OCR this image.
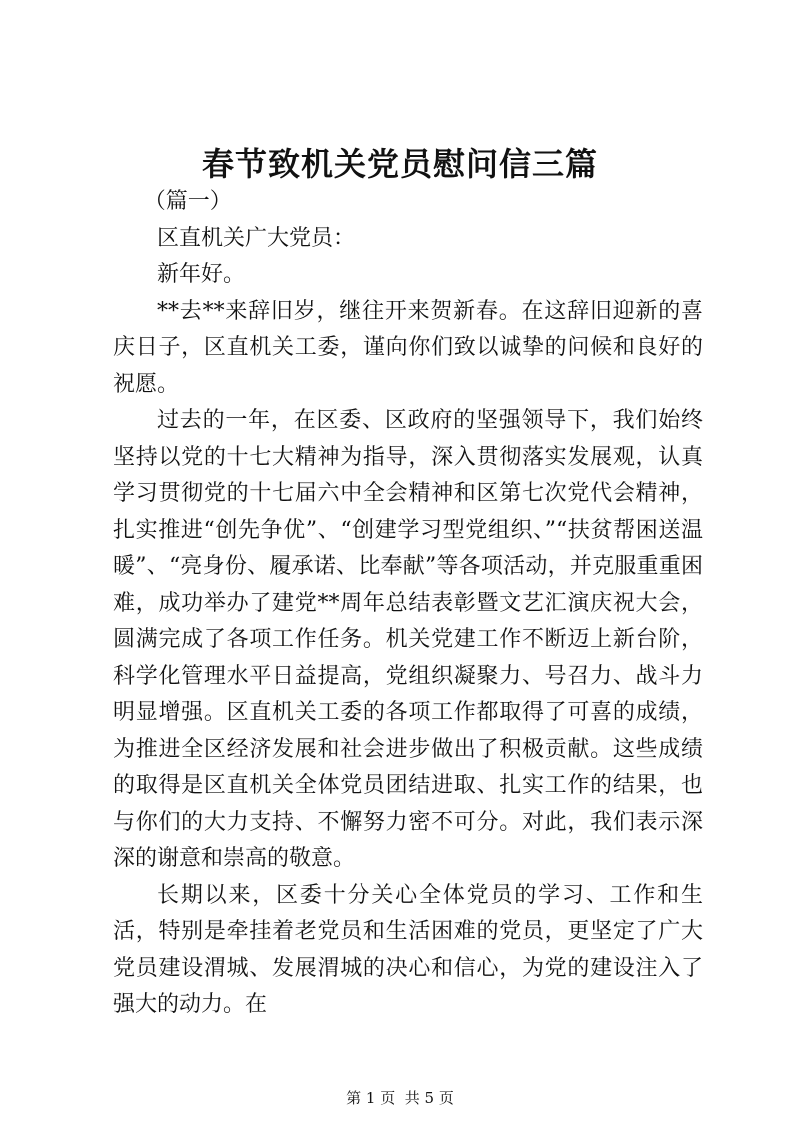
春节致机关党员慰问信三篇

（篇一）

区直机关广大党员：

新年好。

**去**来辞旧岁，继往开来贺新春。在这辞旧迎新的喜庆日子，区直机关工委，谨向你们致以诚挚的问候和良好的祝愿。

过去的一年，在区委、区政府的坚强领导下，我们始终坚持以党的十七大精神为指导，深入贯彻落实发展观，认真学习贯彻党的十七届六中全会精神和区第七次党代会精神，扎实推进“创先争优”、“创建学习型党组织、”“扶贫帮困送温暖”、“亮身份、履承诺、比奉献”等各项活动，并克服重重困难，成功举办了建党**周年总结表彰暨文艺汇演庆祝大会，圆满完成了各项工作任务。机关党建工作不断迈上新台阶，科学化管理水平日益提高，党组织凝聚力、号召力、战斗力明显增强。区直机关工委的各项工作都取得了可喜的成绩，为推进全区经济发展和社会进步做出了积极贡献。这些成绩的取得是区直机关全体党员团结进取、扎实工作的结果，也与你们的大力支持、不懈努力密不可分。对此，我们表示深深的谢意和崇高的敬意。

长期以来，区委十分关心全体党员的学习、工作和生活，特别是牵挂着老党员和生活困难的党员，更坚定了广大党员建设渭城、发展渭城的决心和信心，为党的建设注入了强大的动力。在

第 1 页  共 5 页
